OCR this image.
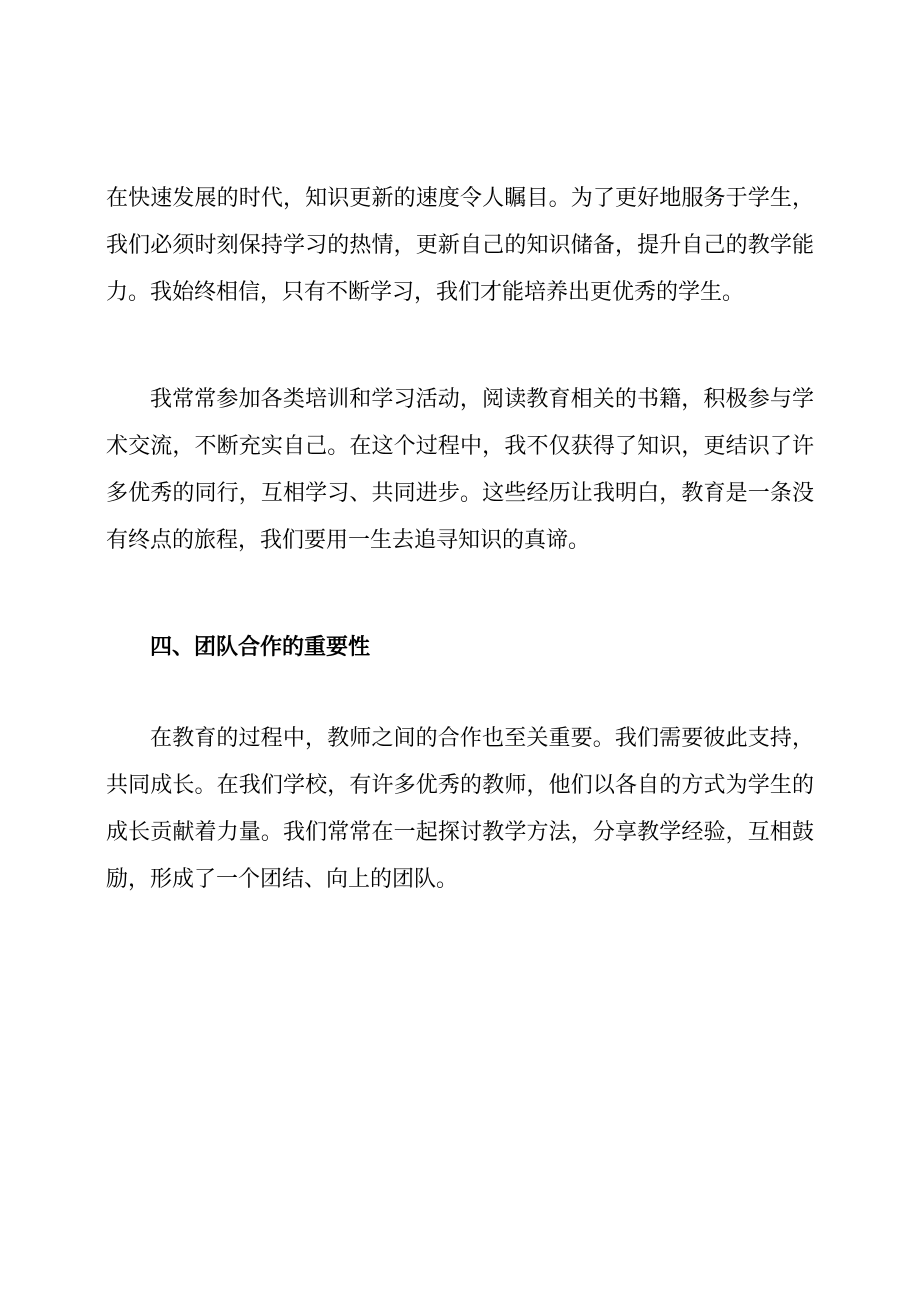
在快速发展的时代，知识更新的速度令人瞩目。为了更好地服务于学生，我们必须时刻保持学习的热情，更新自己的知识储备，提升自己的教学能力。我始终相信，只有不断学习，我们才能培养出更优秀的学生。

我常常参加各类培训和学习活动，阅读教育相关的书籍，积极参与学术交流，不断充实自己。在这个过程中，我不仅获得了知识，更结识了许多优秀的同行，互相学习、共同进步。这些经历让我明白，教育是一条没有终点的旅程，我们要用一生去追寻知识的真谛。

四、团队合作的重要性

在教育的过程中，教师之间的合作也至关重要。我们需要彼此支持，共同成长。在我们学校，有许多优秀的教师，他们以各自的方式为学生的成长贡献着力量。我们常常在一起探讨教学方法，分享教学经验，互相鼓励，形成了一个团结、向上的团队。
